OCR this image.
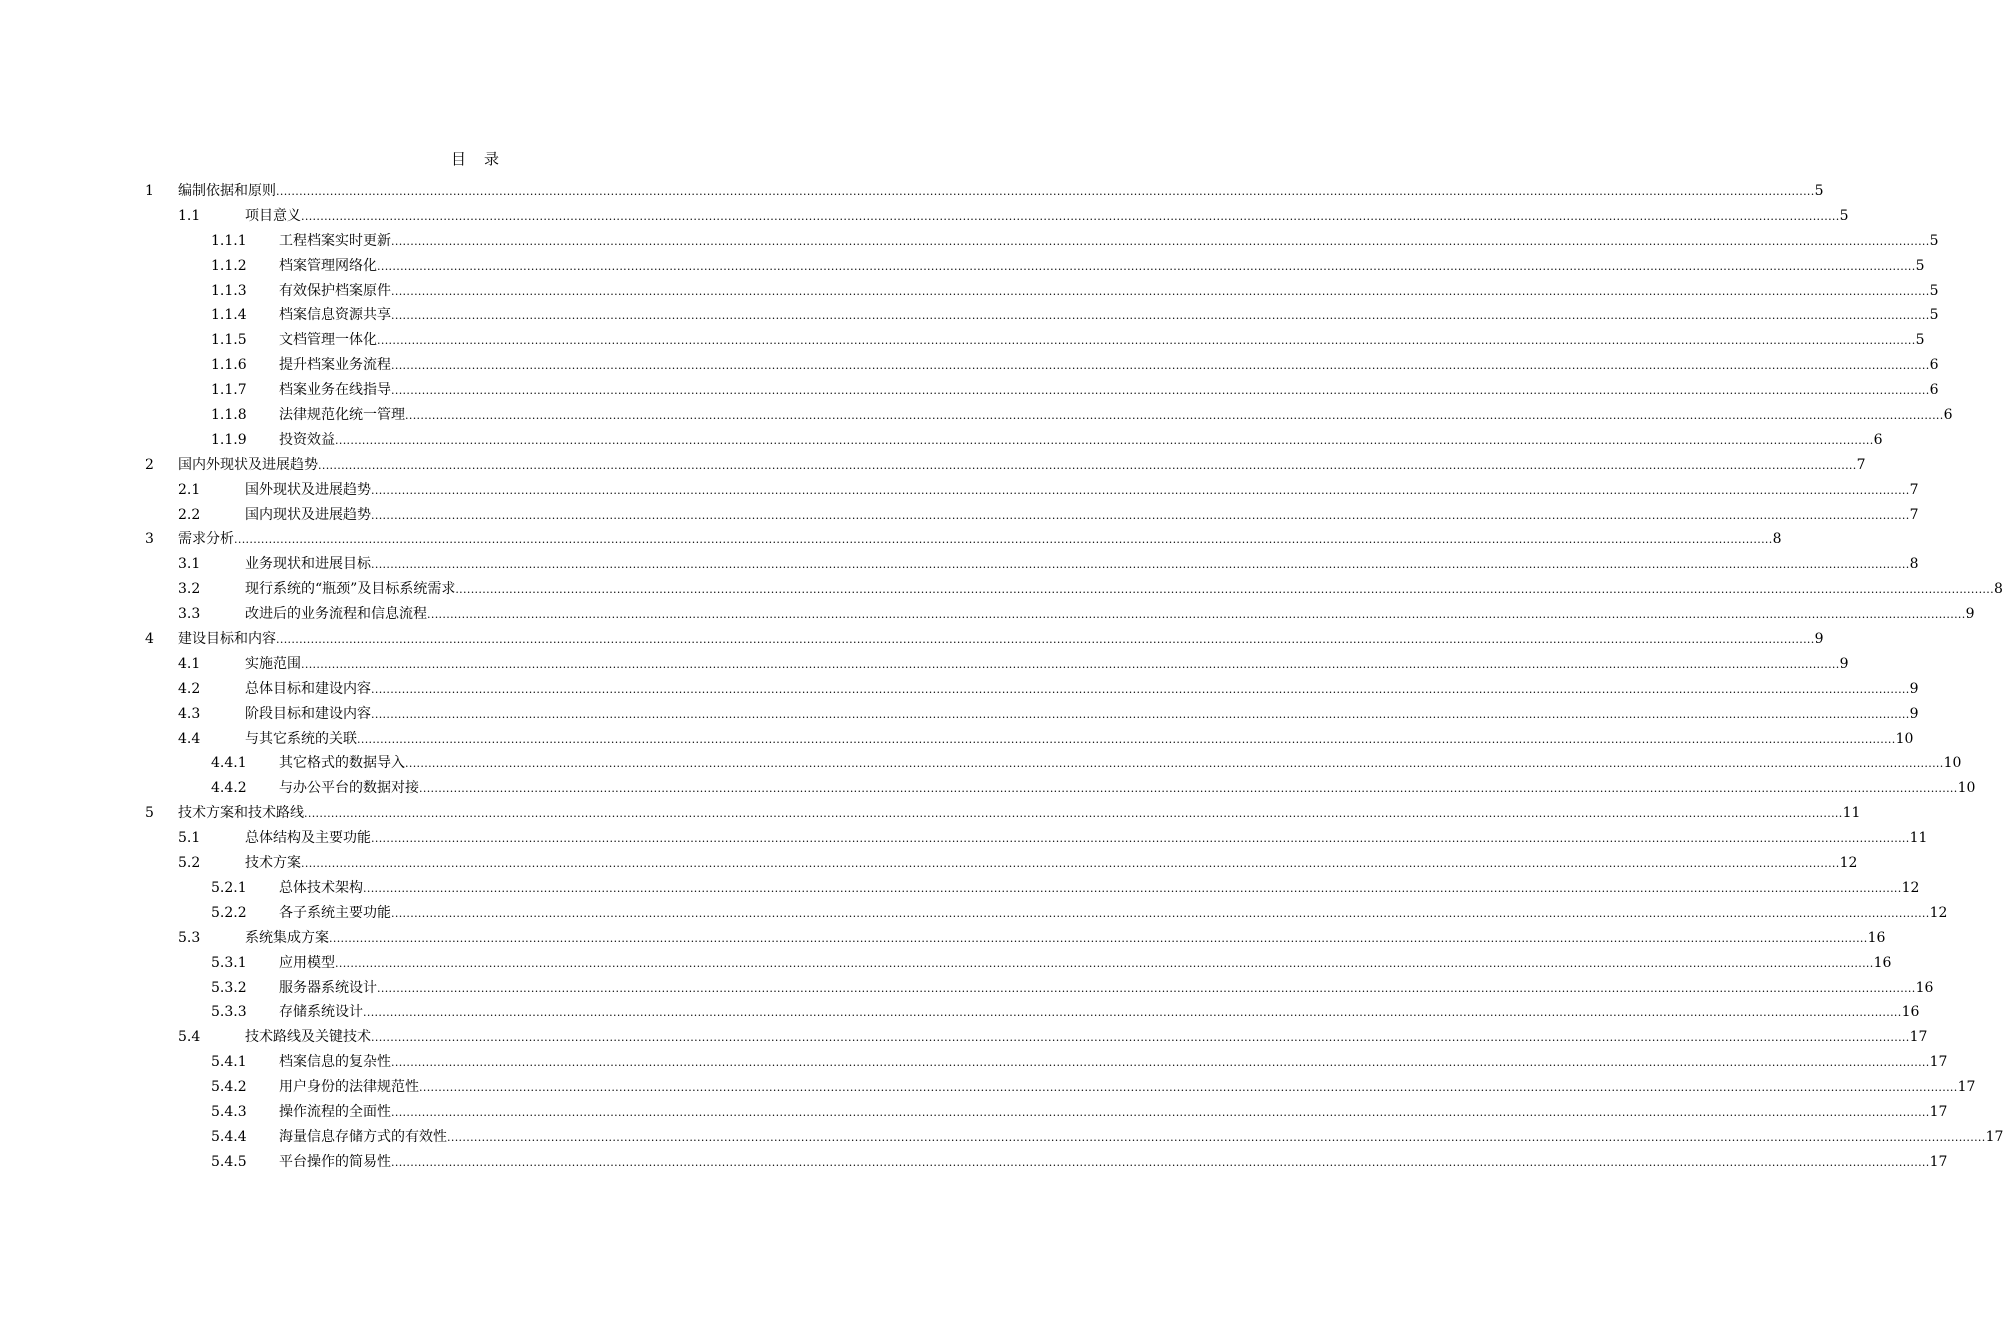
目 录
1 编制依据和原则 ................................................................................................................................................................................................................................................................................................................................................................................................................ 5
1.1	项目意义 ................................................................................................................................................................................................................................................................................................................................................................................................................ 5
1.1.1 工程档案实时更新 ................................................................................................................................................................................................................................................................................................................................................................................................................ 5
1.1.2 档案管理网络化 ................................................................................................................................................................................................................................................................................................................................................................................................................ 5
1.1.3 有效保护档案原件 ................................................................................................................................................................................................................................................................................................................................................................................................................ 5
1.1.4 档案信息资源共享 ................................................................................................................................................................................................................................................................................................................................................................................................................ 5
1.1.5 文档管理一体化 ................................................................................................................................................................................................................................................................................................................................................................................................................ 5
1.1.6 提升档案业务流程 ................................................................................................................................................................................................................................................................................................................................................................................................................ 6
1.1.7 档案业务在线指导 ................................................................................................................................................................................................................................................................................................................................................................................................................ 6
1.1.8 法律规范化统一管理 ................................................................................................................................................................................................................................................................................................................................................................................................................ 6
1.1.9 投资效益 ................................................................................................................................................................................................................................................................................................................................................................................................................ 6
2 国内外现状及进展趋势 ................................................................................................................................................................................................................................................................................................................................................................................................................ 7
2.1	国外现状及进展趋势 ................................................................................................................................................................................................................................................................................................................................................................................................................ 7
2.2	国内现状及进展趋势 ................................................................................................................................................................................................................................................................................................................................................................................................................ 7
3 需求分析 ................................................................................................................................................................................................................................................................................................................................................................................................................ 8
3.1	业务现状和进展目标 ................................................................................................................................................................................................................................................................................................................................................................................................................ 8
3.2	现行系统的“瓶颈”及目标系统需求 ................................................................................................................................................................................................................................................................................................................................................................................................................ 8
3.3	改进后的业务流程和信息流程 ................................................................................................................................................................................................................................................................................................................................................................................................................ 9
4 建设目标和内容 ................................................................................................................................................................................................................................................................................................................................................................................................................ 9
4.1	实施范围 ................................................................................................................................................................................................................................................................................................................................................................................................................ 9
4.2	总体目标和建设内容 ................................................................................................................................................................................................................................................................................................................................................................................................................ 9
4.3	阶段目标和建设内容 ................................................................................................................................................................................................................................................................................................................................................................................................................ 9
4.4	与其它系统的关联 ................................................................................................................................................................................................................................................................................................................................................................................................................ 10
4.4.1 其它格式的数据导入 ................................................................................................................................................................................................................................................................................................................................................................................................................ 10
4.4.2 与办公平台的数据对接 ................................................................................................................................................................................................................................................................................................................................................................................................................ 10
5 技术方案和技术路线 ................................................................................................................................................................................................................................................................................................................................................................................................................ 11
5.1	总体结构及主要功能 ................................................................................................................................................................................................................................................................................................................................................................................................................ 11
5.2	技术方案 ................................................................................................................................................................................................................................................................................................................................................................................................................ 12
5.2.1 总体技术架构 ................................................................................................................................................................................................................................................................................................................................................................................................................ 12
5.2.2 各子系统主要功能 ................................................................................................................................................................................................................................................................................................................................................................................................................ 12
5.3	系统集成方案 ................................................................................................................................................................................................................................................................................................................................................................................................................ 16
5.3.1 应用模型 ................................................................................................................................................................................................................................................................................................................................................................................................................ 16
5.3.2 服务器系统设计 ................................................................................................................................................................................................................................................................................................................................................................................................................ 16
5.3.3 存储系统设计 ................................................................................................................................................................................................................................................................................................................................................................................................................ 16
5.4	技术路线及关键技术 ................................................................................................................................................................................................................................................................................................................................................................................................................ 17
5.4.1 档案信息的复杂性 ................................................................................................................................................................................................................................................................................................................................................................................................................ 17
5.4.2 用户身份的法律规范性 ................................................................................................................................................................................................................................................................................................................................................................................................................ 17
5.4.3 操作流程的全面性 ................................................................................................................................................................................................................................................................................................................................................................................................................ 17
5.4.4 海量信息存储方式的有效性 ................................................................................................................................................................................................................................................................................................................................................................................................................ 17
5.4.5 平台操作的简易性 ................................................................................................................................................................................................................................................................................................................................................................................................................ 17
